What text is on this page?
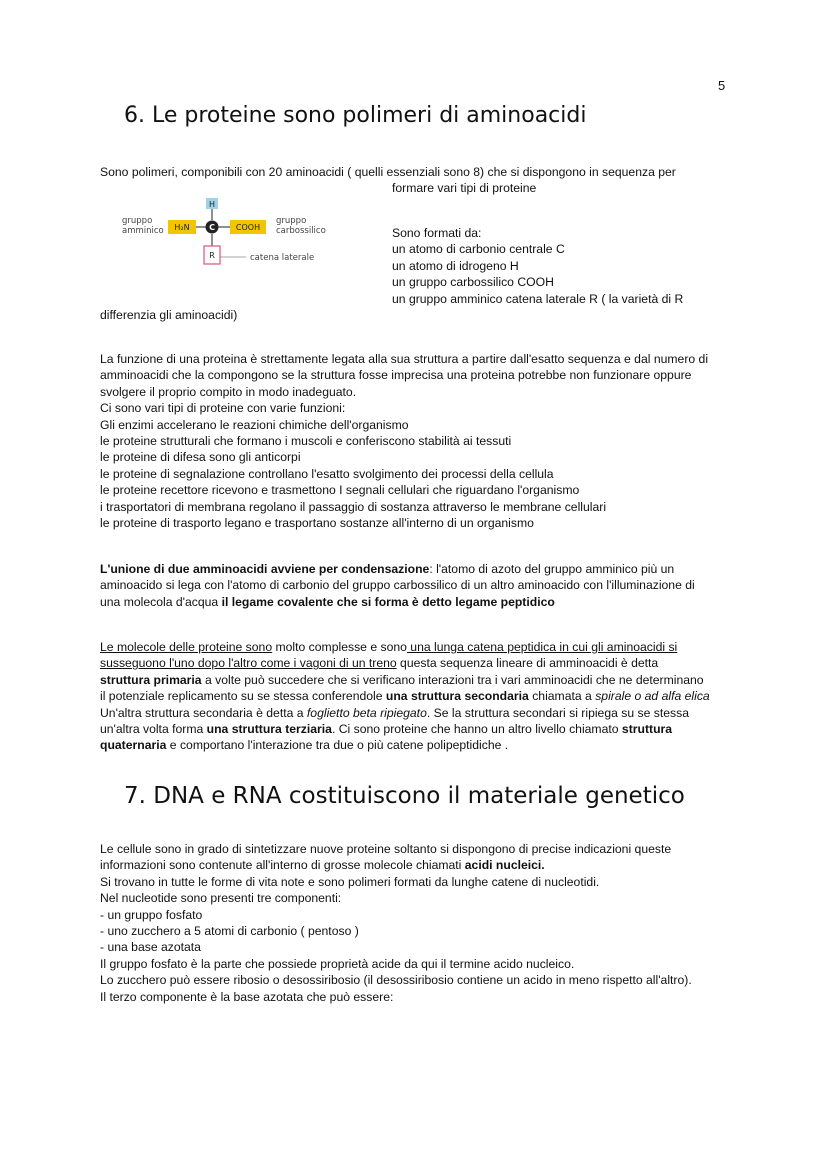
5
6. Le proteine sono polimeri di aminoacidi
Sono polimeri, componibili con 20 aminoacidi ( quelli essenziali sono 8) che si dispongono in sequenza per
formare vari tipi di proteine
H
H₂N C	COOH
R	catena laterale
gruppo
amminico
gruppo
carbossilico	Sono formati da:
un atomo di carbonio centrale C
un atomo di idrogeno H
un gruppo carbossilico COOH
un gruppo amminico catena laterale R ( la varietà di R
differenzia gli aminoacidi)
La funzione di una proteina è strettamente legata alla sua struttura a partire dall'esatto sequenza e dal numero di
amminoacidi che la compongono se la struttura fosse imprecisa una proteina potrebbe non funzionare oppure
svolgere il proprio compito in modo inadeguato.
Ci sono vari tipi di proteine con varie funzioni:
Gli enzimi accelerano le reazioni chimiche dell'organismo
le proteine strutturali che formano i muscoli e conferiscono stabilità ai tessuti
le proteine di difesa sono gli anticorpi
le proteine di segnalazione controllano l'esatto svolgimento dei processi della cellula
le proteine recettore ricevono e trasmettono I segnali cellulari che riguardano l'organismo
i trasportatori di membrana regolano il passaggio di sostanza attraverso le membrane cellulari
le proteine di trasporto legano e trasportano sostanze all'interno di un organismo
L'unione di due amminoacidi avviene per condensazione: l'atomo di azoto del gruppo amminico più un
aminoacido si lega con l'atomo di carbonio del gruppo carbossilico di un altro aminoacido con l'illuminazione di
una molecola d'acqua il legame covalente che si forma è detto legame peptidico
Le molecole delle proteine sono molto complesse e sono una lunga catena peptidica in cui gli aminoacidi si
susseguono l'uno dopo l'altro come i vagoni di un treno questa sequenza lineare di amminoacidi è detta
struttura primaria a volte può succedere che si verificano interazioni tra i vari amminoacidi che ne determinano
il potenziale replicamento su se stessa conferendole una struttura secondaria chiamata a spirale o ad alfa elica
Un'altra struttura secondaria è detta a foglietto beta ripiegato. Se la struttura secondari si ripiega su se stessa
un'altra volta forma una struttura terziaria. Ci sono proteine che hanno un altro livello chiamato struttura
quaternaria e comportano l'interazione tra due o più catene polipeptidiche .
7. DNA e RNA costituiscono il materiale genetico
Le cellule sono in grado di sintetizzare nuove proteine soltanto si dispongono di precise indicazioni queste
informazioni sono contenute all'interno di grosse molecole chiamati acidi nucleici.
Si trovano in tutte le forme di vita note e sono polimeri formati da lunghe catene di nucleotidi.
Nel nucleotide sono presenti tre componenti:
- un gruppo fosfato
- uno zucchero a 5 atomi di carbonio ( pentoso )
- una base azotata
Il gruppo fosfato è la parte che possiede proprietà acide da qui il termine acido nucleico.
Lo zucchero può essere ribosio o desossiribosio (il desossiribosio contiene un acido in meno rispetto all'altro).
Il terzo componente è la base azotata che può essere:
